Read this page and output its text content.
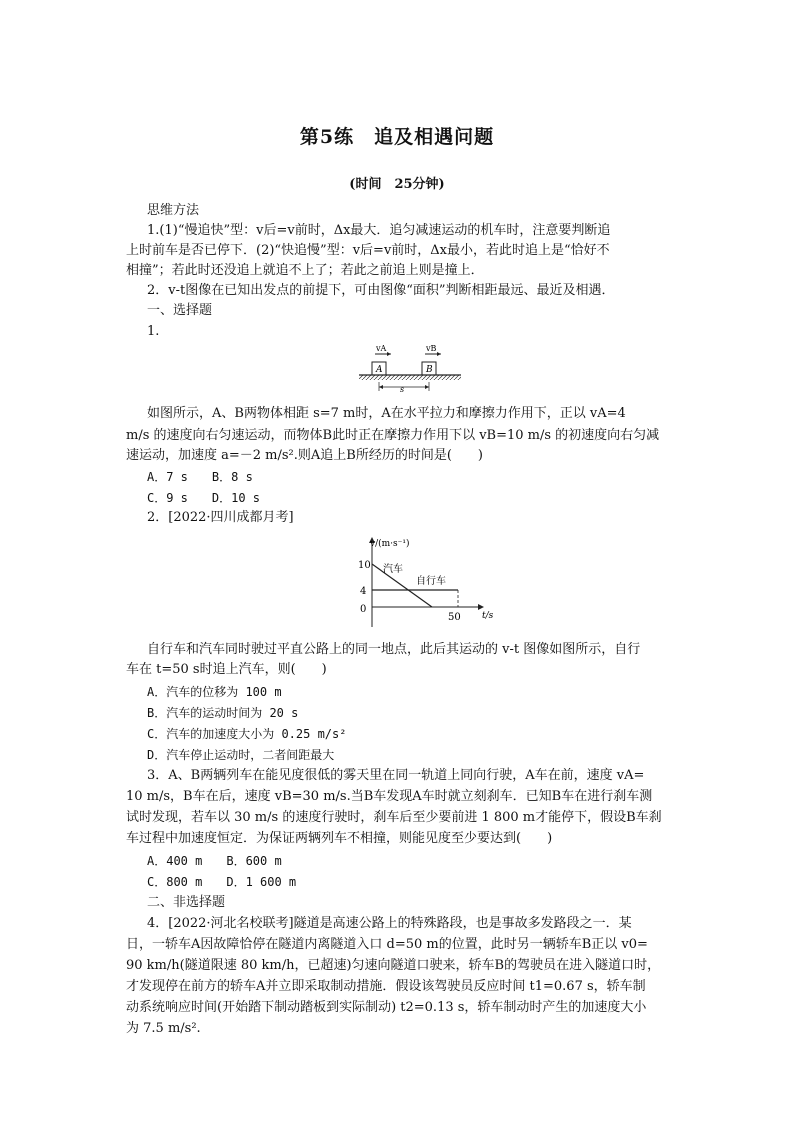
第5练　追及相遇问题
(时间　25分钟)
思维方法
1.(1)“慢追快”型：v后=v前时，Δx最大．追匀减速运动的机车时，注意要判断追
上时前车是否已停下．(2)“快追慢”型：v后=v前时，Δx最小，若此时追上是“恰好不
相撞”；若此时还没追上就追不上了；若此之前追上则是撞上．
2．v-t图像在已知出发点的前提下，可由图像“面积”判断相距最远、最近及相遇．
一、选择题
1.
vA	vB
A	B
s
如图所示，A、B两物体相距 s=7 m时，A在水平拉力和摩擦力作用下，正以 vA=4
m/s 的速度向右匀速运动，而物体B此时正在摩擦力作用下以 vB=10 m/s 的初速度向右匀减
速运动，加速度 a=－2 m/s².则A追上B所经历的时间是(　　)
A．7 s　　B．8 s
C．9 s　　D．10 s
2．[2022·四川成都月考]
v/(m·s⁻¹)
t/s
10
4
0
50
汽车
自行车
自行车和汽车同时驶过平直公路上的同一地点，此后其运动的 v-t 图像如图所示，自行
车在 t=50 s时追上汽车，则(　　)
A．汽车的位移为 100 m
B．汽车的运动时间为 20 s
C．汽车的加速度大小为 0.25 m/s²
D．汽车停止运动时，二者间距最大
3．A、B两辆列车在能见度很低的雾天里在同一轨道上同向行驶，A车在前，速度 vA=
10 m/s，B车在后，速度 vB=30 m/s.当B车发现A车时就立刻刹车．已知B车在进行刹车测
试时发现，若车以 30 m/s 的速度行驶时，刹车后至少要前进 1 800 m才能停下，假设B车刹
车过程中加速度恒定．为保证两辆列车不相撞，则能见度至少要达到(　　)
A．400 m　　B．600 m
C．800 m　　D．1 600 m
二、非选择题
4．[2022·河北名校联考]隧道是高速公路上的特殊路段，也是事故多发路段之一．某
日，一轿车A因故障恰停在隧道内离隧道入口 d=50 m的位置，此时另一辆轿车B正以 v0=
90 km/h(隧道限速 80 km/h，已超速)匀速向隧道口驶来，轿车B的驾驶员在进入隧道口时，
才发现停在前方的轿车A并立即采取制动措施．假设该驾驶员反应时间 t1=0.67 s，轿车制
动系统响应时间(开始踏下制动踏板到实际制动) t2=0.13 s，轿车制动时产生的加速度大小
为 7.5 m/s².
